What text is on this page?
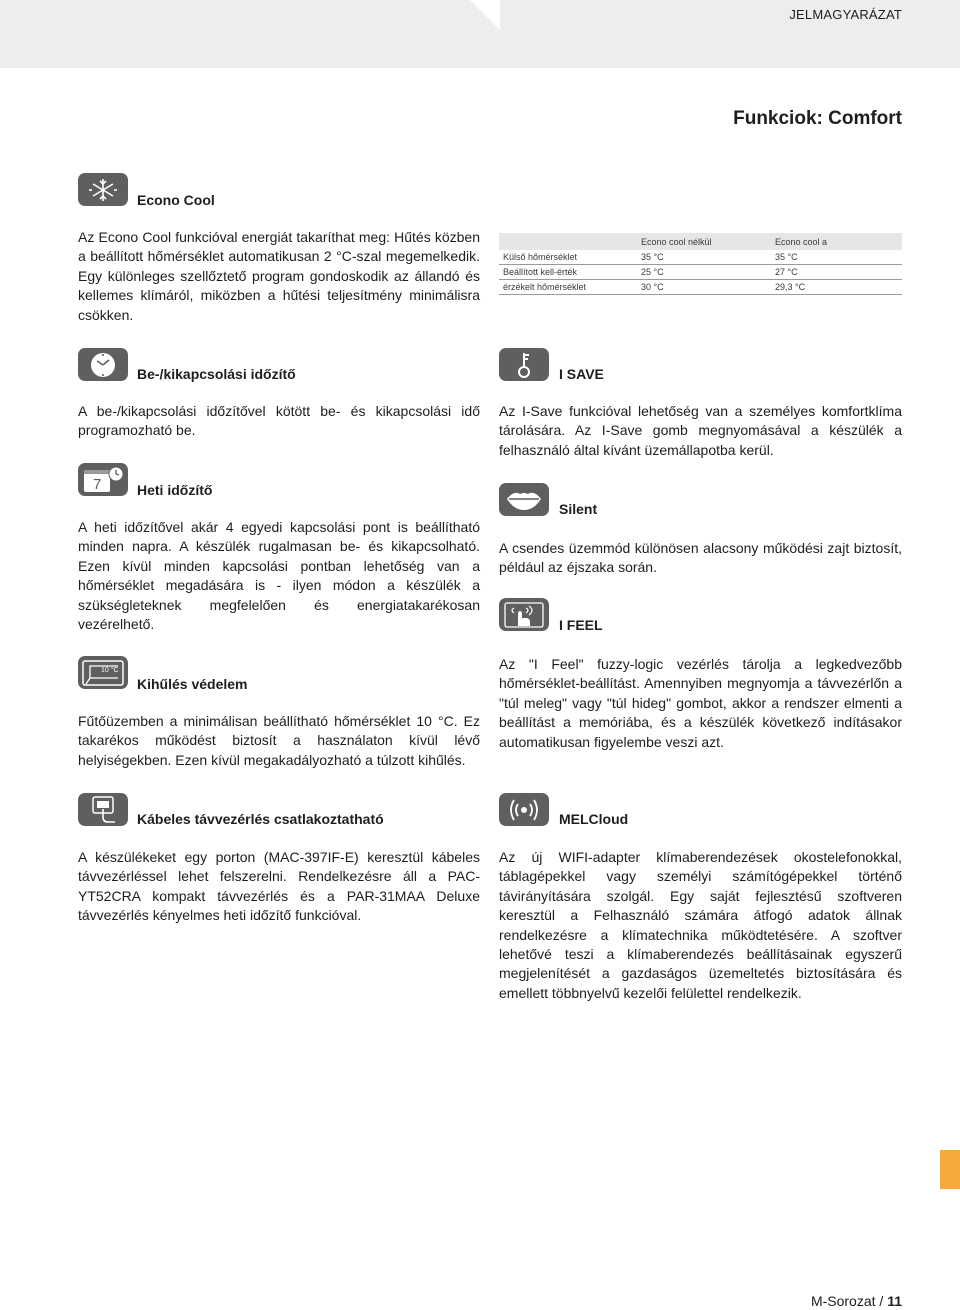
JELMAGYARÁZAT
Funkciok: Comfort
Econo Cool
Az Econo Cool funkcióval energiát takaríthat meg: Hűtés közben a beállított hőmérséklet automatikusan 2 °C-szal megemelkedik. Egy különleges szellőztető program gondoskodik az állandó és kellemes klímáról, miközben a hűtési teljesítmény minimálisra csökken.
	Econo cool nélkül	Econo cool a
Külső hőmérséklet	35 °C	35 °C
Beállított kell-érték	25 °C	27 °C
érzékelt hőmérséklet	30 °C	29,3 °C
Be-/kikapcsolási időzítő
A be-/kikapcsolási időzítővel kötött be- és kikapcsolási idő programozható be.
7	Heti időzítő
A heti időzítővel akár 4 egyedi kapcsolási pont is beállítható minden napra. A készülék rugalmasan be- és kikapcsolható. Ezen kívül minden kapcsolási pontban lehetőség van a hőmérséklet megadására is - ilyen módon a készülék a szükségleteknek megfelelően és energiatakarékosan vezérelhető.
10 °C
Kihűlés védelem
Fűtőüzemben a minimálisan beállítható hőmérséklet 10 °C. Ez takarékos működést biztosít a használaton kívül lévő helyiségekben. Ezen kívül megakadályozható a túlzott kihűlés.
Kábeles távvezérlés csatlakoztatható
A készülékeket egy porton (MAC-397IF-E) keresztül kábeles távvezérléssel lehet felszerelni. Rendelkezésre áll a PAC-YT52CRA kompakt távvezérlés és a PAR-31MAA Deluxe távvezérlés kényelmes heti időzítő funkcióval.
I SAVE
Az I-Save funkcióval lehetőség van a személyes komfortklíma tárolására. Az I-Save gomb megnyomásával a készülék a felhasználó által kívánt üzemállapotba kerül.
Silent
A csendes üzemmód különösen alacsony működési zajt biztosít, például az éjszaka során.
I FEEL
Az "I Feel" fuzzy-logic vezérlés tárolja a legkedvezőbb hőmérséklet-beállítást. Amennyiben megnyomja a távvezérlőn a "túl meleg" vagy "túl hideg" gombot, akkor a rendszer elmenti a beállítást a memóriába, és a készülék következő indításakor automatikusan figyelembe veszi azt.
MELCloud
Az új WIFI-adapter klímaberendezések okostelefonokkal, táblagépekkel vagy személyi számítógépekkel történő távirányítására szolgál. Egy saját fejlesztésű szoftveren keresztül a Felhasználó számára átfogó adatok állnak rendelkezésre a klímatechnika működtetésére. A szoftver lehetővé teszi a klímaberendezés beállításainak egyszerű megjelenítését a gazdaságos üzemeltetés biztosítására és emellett többnyelvű kezelői felülettel rendelkezik.
M-Sorozat / 11
